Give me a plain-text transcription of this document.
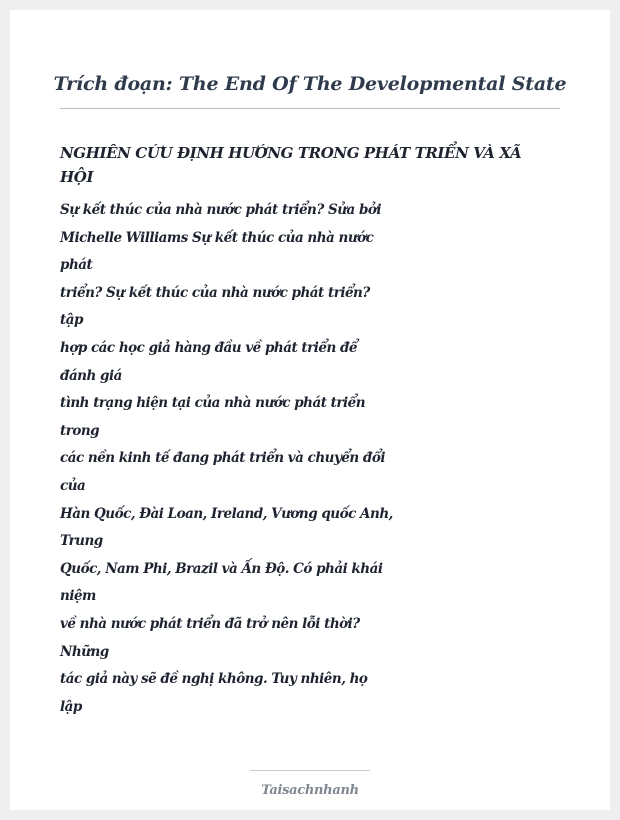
Trích đoạn: The End Of The Developmental State
NGHIÊN CỨU ĐỊNH HƯỚNG TRONG PHÁT TRIỂN VÀ XÃ
HỘI
Sự kết thúc của nhà nước phát triển? Sửa bởi
Michelle Williams Sự kết thúc của nhà nước
phát
triển? Sự kết thúc của nhà nước phát triển?
tập
hợp các học giả hàng đầu về phát triển để
đánh giá
tình trạng hiện tại của nhà nước phát triển
trong
các nền kinh tế đang phát triển và chuyển đổi
của
Hàn Quốc, Đài Loan, Ireland, Vương quốc Anh,
Trung
Quốc, Nam Phi, Brazil và Ấn Độ. Có phải khái
niệm
về nhà nước phát triển đã trở nên lỗi thời?
Những
tác giả này sẽ đề nghị không. Tuy nhiên, họ
lập
Taisachnhanh
